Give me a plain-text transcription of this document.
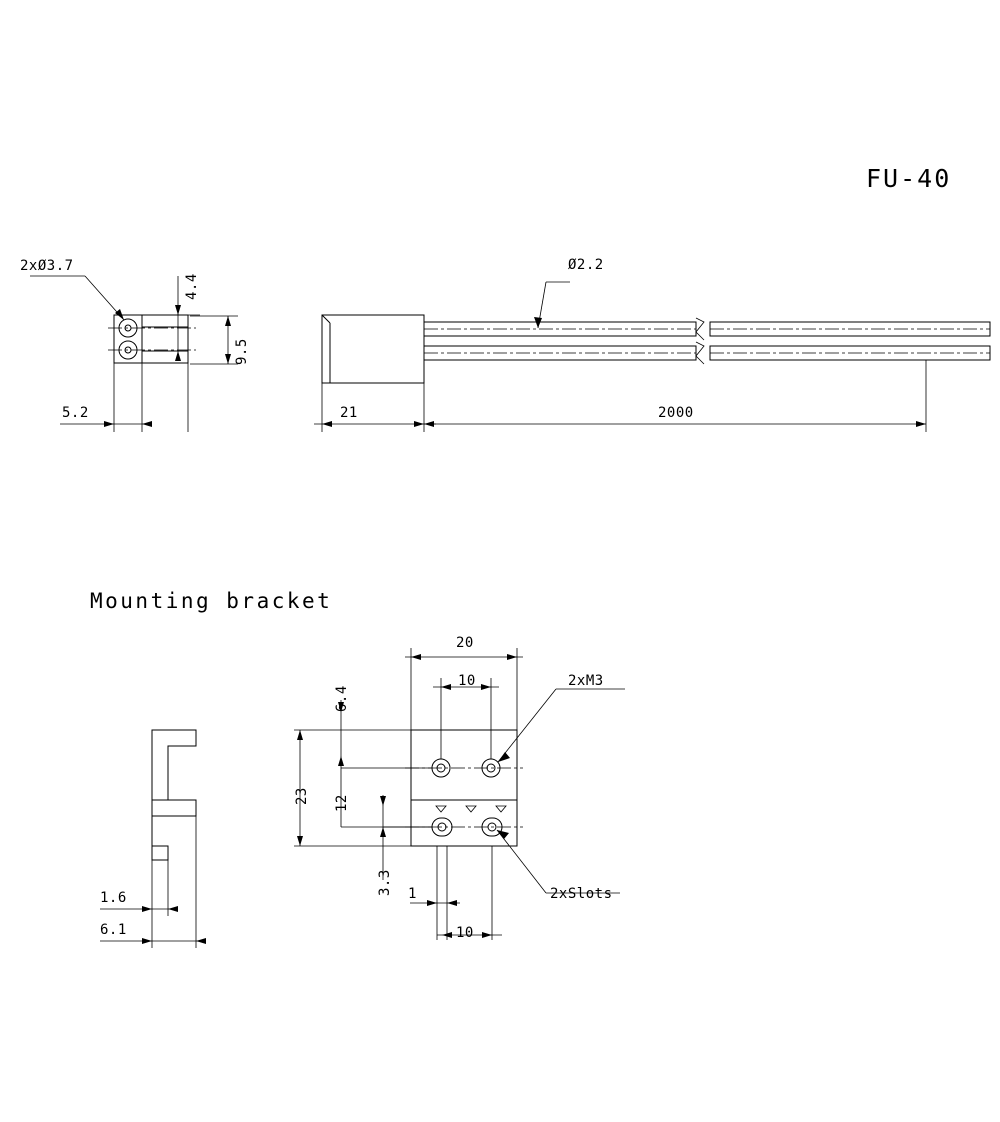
FU-40
Mounting bracket
2xØ3.7	Ø2.2
4.4
9.5
5.2	21	2000
2xM3
2xSlots
20
10
6.4
23 12
3.3 1
10
1.6
6.1
